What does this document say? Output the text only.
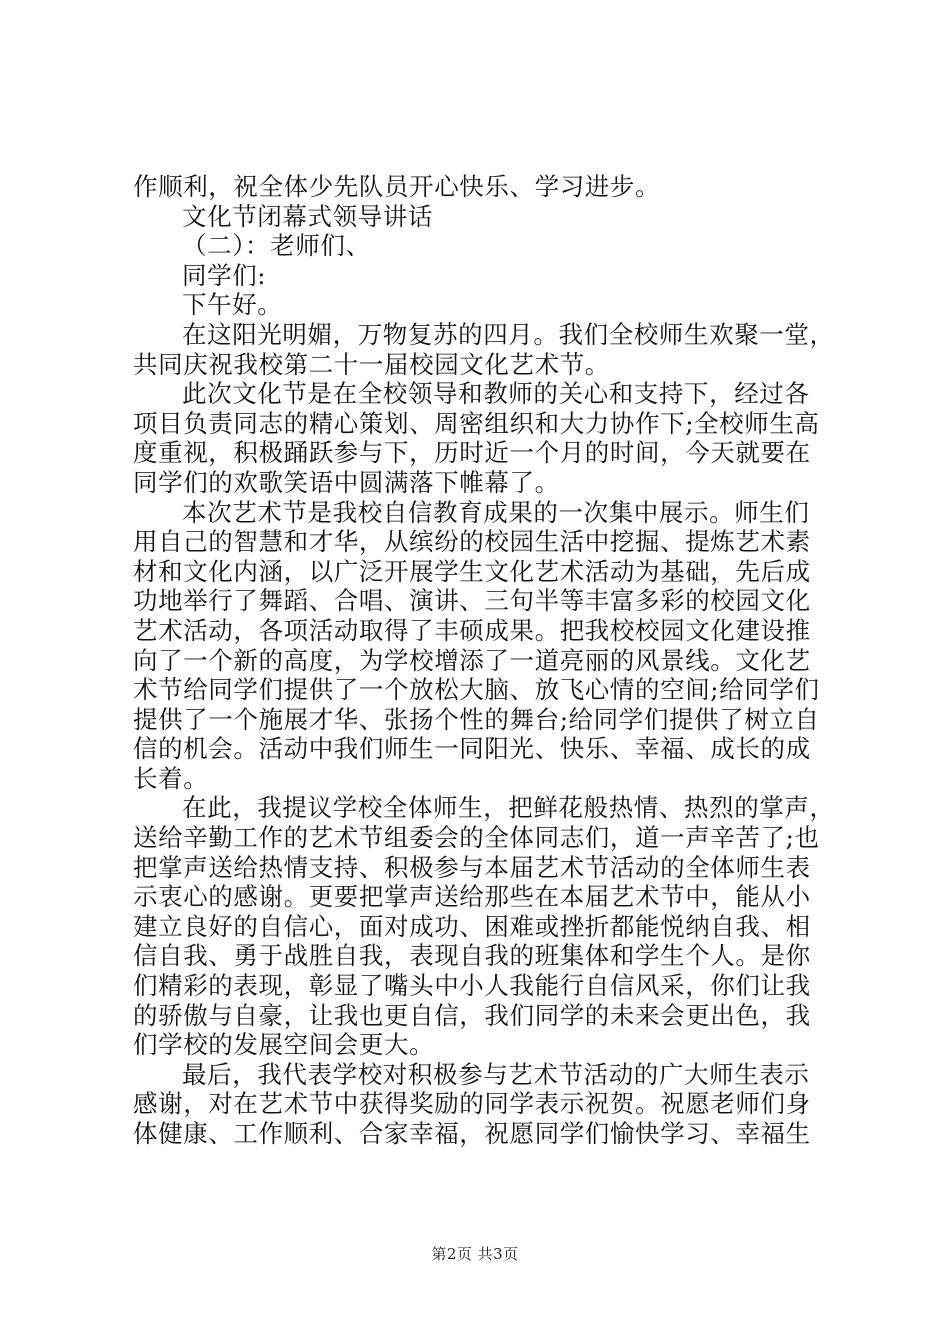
作顺利，祝全体少先队员开心快乐、学习进步。
文化节闭幕式领导讲话
（二）：老师们、
同学们:
下午好。
在这阳光明媚，万物复苏的四月。我们全校师生欢聚一堂，
共同庆祝我校第二十一届校园文化艺术节。
此次文化节是在全校领导和教师的关心和支持下，经过各
项目负责同志的精心策划、周密组织和大力协作下;全校师生高
度重视，积极踊跃参与下，历时近一个月的时间，今天就要在
同学们的欢歌笑语中圆满落下帷幕了。
本次艺术节是我校自信教育成果的一次集中展示。师生们
用自己的智慧和才华，从缤纷的校园生活中挖掘、提炼艺术素
材和文化内涵，以广泛开展学生文化艺术活动为基础，先后成
功地举行了舞蹈、合唱、演讲、三句半等丰富多彩的校园文化
艺术活动，各项活动取得了丰硕成果。把我校校园文化建设推
向了一个新的高度，为学校增添了一道亮丽的风景线。文化艺
术节给同学们提供了一个放松大脑、放飞心情的空间;给同学们
提供了一个施展才华、张扬个性的舞台;给同学们提供了树立自
信的机会。活动中我们师生一同阳光、快乐、幸福、成长的成
长着。
在此，我提议学校全体师生，把鲜花般热情、热烈的掌声，
送给辛勤工作的艺术节组委会的全体同志们，道一声辛苦了;也
把掌声送给热情支持、积极参与本届艺术节活动的全体师生表
示衷心的感谢。更要把掌声送给那些在本届艺术节中，能从小
建立良好的自信心，面对成功、困难或挫折都能悦纳自我、相
信自我、勇于战胜自我，表现自我的班集体和学生个人。是你
们精彩的表现，彰显了嘴头中小人我能行自信风采，你们让我
的骄傲与自豪，让我也更自信，我们同学的未来会更出色，我
们学校的发展空间会更大。
最后，我代表学校对积极参与艺术节活动的广大师生表示
感谢，对在艺术节中获得奖励的同学表示祝贺。祝愿老师们身
体健康、工作顺利、合家幸福，祝愿同学们愉快学习、幸福生
第2页 共3页
